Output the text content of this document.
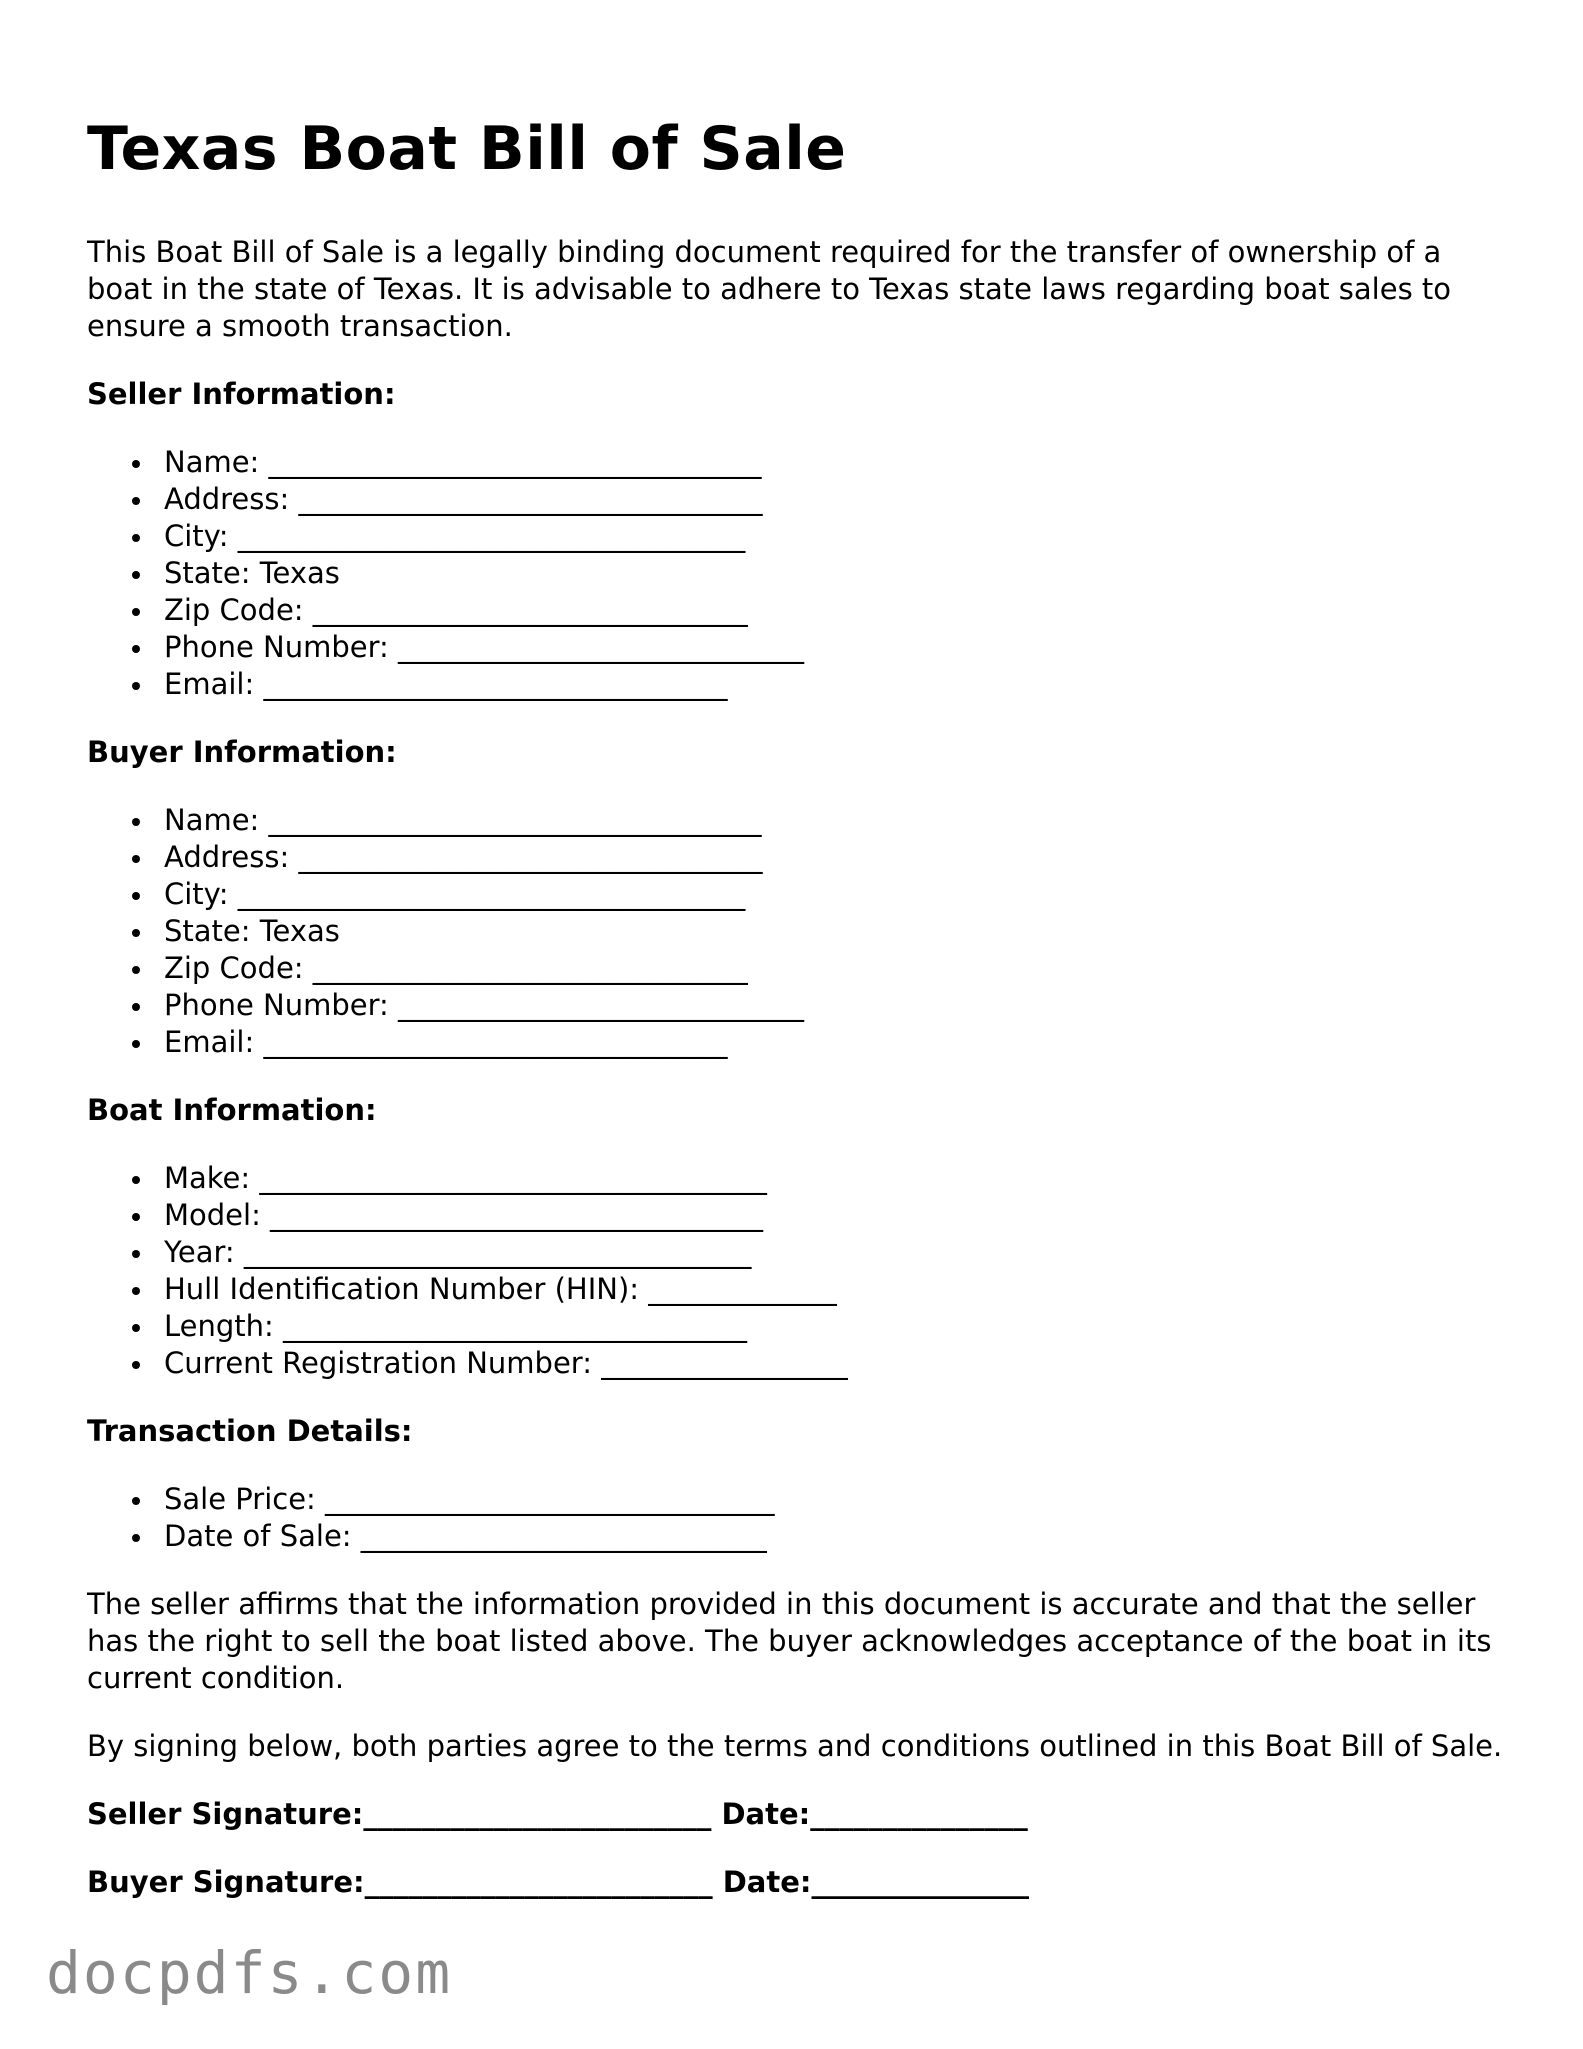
Texas Boat Bill of Sale

This Boat Bill of Sale is a legally binding document required for the transfer of ownership of a boat in the state of Texas. It is advisable to adhere to Texas state laws regarding boat sales to ensure a smooth transaction.

Seller Information:
Name: __________________________________
Address: ________________________________
City: ___________________________________
State: Texas
Zip Code: ______________________________
Phone Number: ____________________________
Email: ________________________________
Buyer Information:
Name: __________________________________
Address: ________________________________
City: ___________________________________
State: Texas
Zip Code: ______________________________
Phone Number: ____________________________
Email: ________________________________
Boat Information:
Make: ___________________________________
Model: __________________________________
Year: ___________________________________
Hull Identification Number (HIN): _____________
Length: ________________________________
Current Registration Number: _________________
Transaction Details:
Sale Price: _______________________________
Date of Sale: ____________________________

The seller affirms that the information provided in this document is accurate and that the seller has the right to sell the boat listed above. The buyer acknowledges acceptance of the boat in its current condition.

By signing below, both parties agree to the terms and conditions outlined in this Boat Bill of Sale.

Seller Signature:________________________ Date:_______________
Buyer Signature:________________________ Date:_______________
docpdfs.com
